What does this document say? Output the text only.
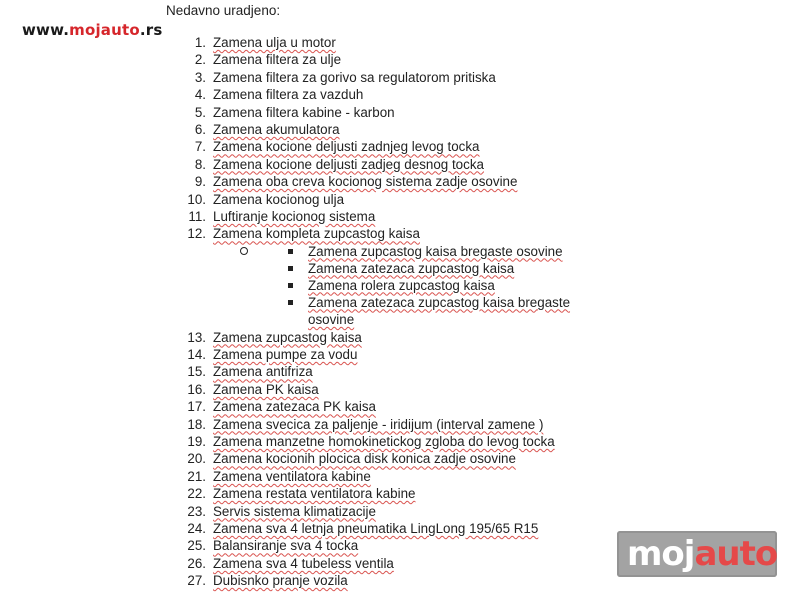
www.mojauto.rs
Nedavno uradjeno:
1. Zamena ulja u motor
2. Zamena filtera za ulje
3. Zamena filtera za gorivo sa regulatorom pritiska
4. Zamena filtera za vazduh
5. Zamena filtera kabine - karbon
6. Zamena akumulatora
7. Zamena kocione deljusti zadnjeg levog tocka
8. Zamena kocione deljusti zadjeg desnog tocka
9. Zamena oba creva kocionog sistema zadje osovine
10. Zamena kocionog ulja
11. Luftiranje kocionog sistema
12. Zamena kompleta zupcastog kaisa
Zamena zupcastog kaisa bregaste osovine
Zamena zatezaca zupcastog kaisa
Zamena rolera zupcastog kaisa
Zamena zatezaca zupcastog kaisa bregaste osovine
13. Zamena zupcastog kaisa
14. Zamena pumpe za vodu
15. Zamena antifriza
16. Zamena PK kaisa
17. Zamena zatezaca PK kaisa
18. Zamena svecica za paljenje - iridijum (interval zamene )
19. Zamena manzetne homokinetickog zgloba do levog tocka
20. Zamena kocionih plocica disk konica zadje osovine
21. Zamena ventilatora kabine
22. Zamena restata ventilatora kabine
23. Servis sistema klimatizacije
24. Zamena sva 4 letnja pneumatika LingLong 195/65 R15
25. Balansiranje sva 4 tocka
26. Zamena sva 4 tubeless ventila
27. Dubisnko pranje vozila
mojauto
